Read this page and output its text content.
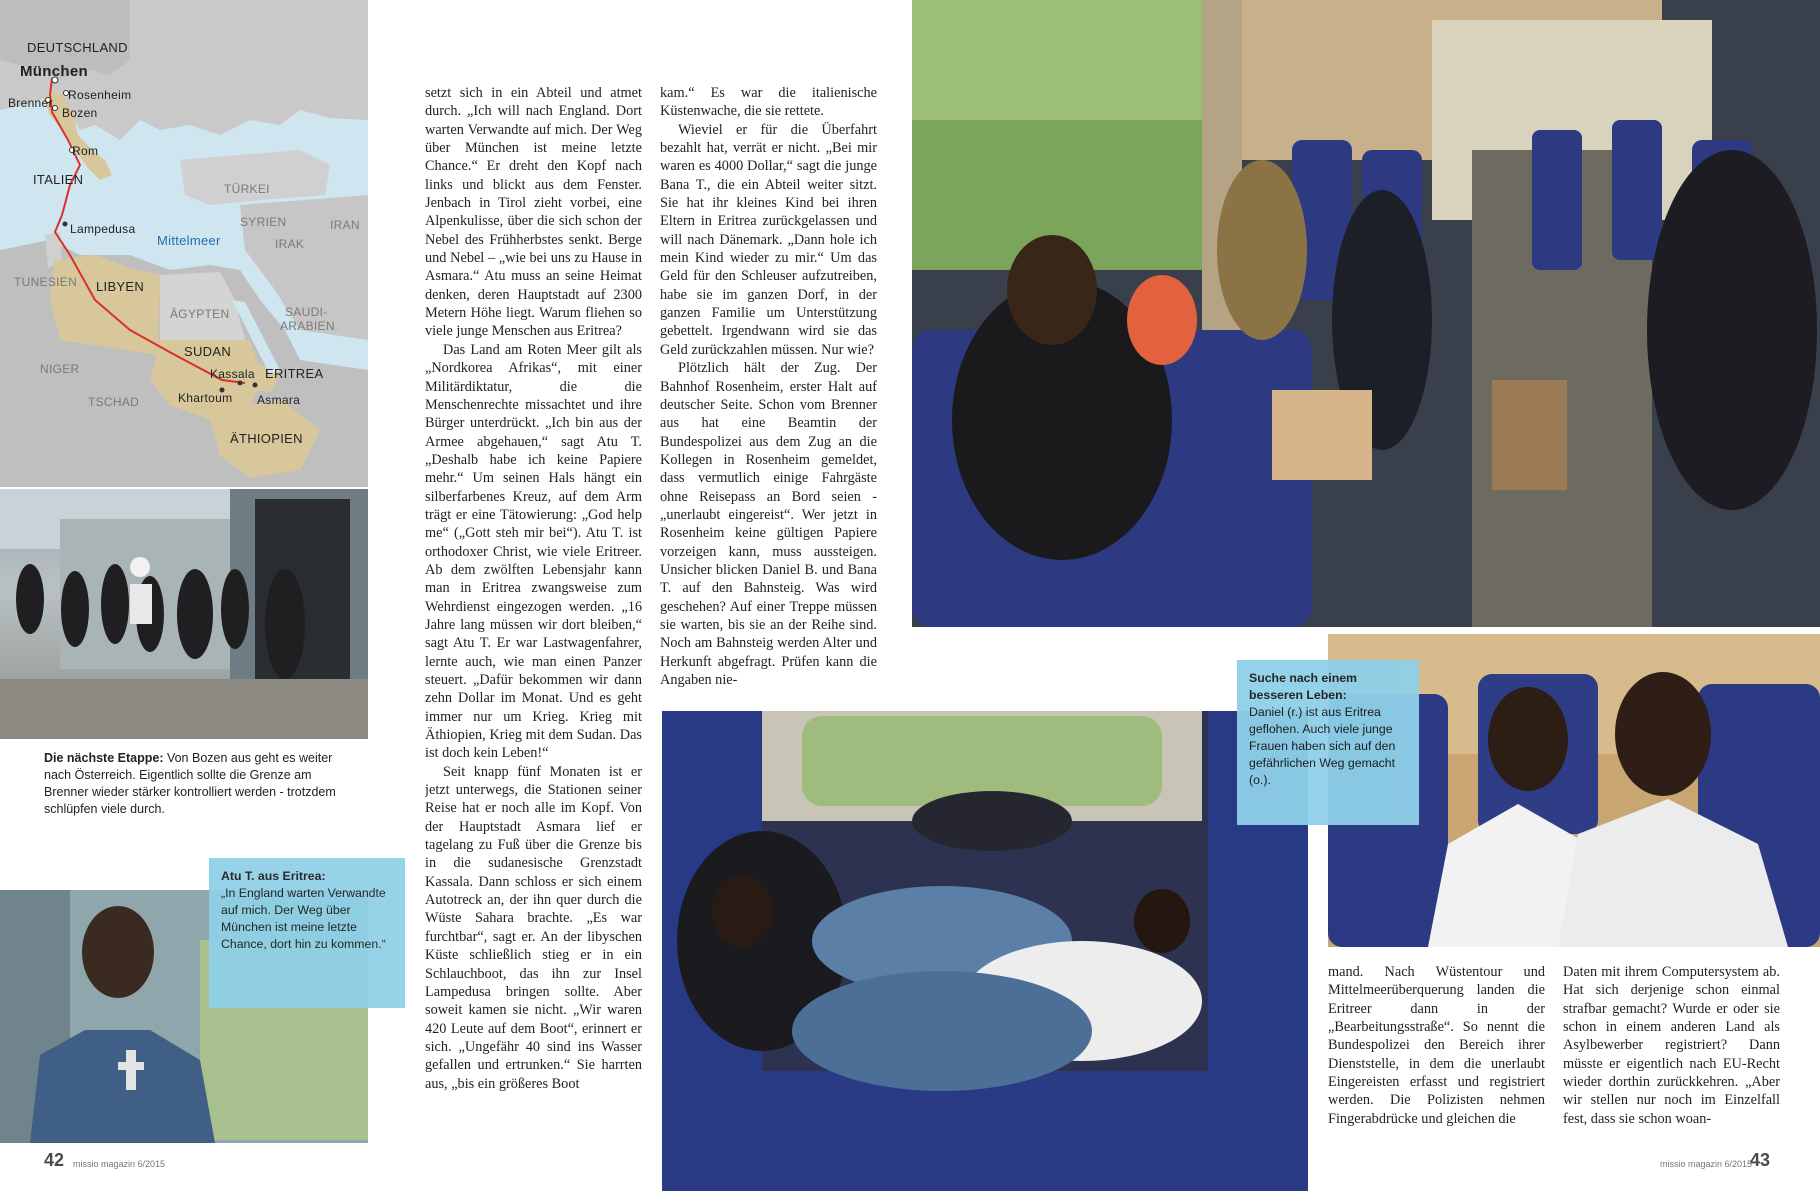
DEUTSCHLAND
München
Rosenheim
Brenner
Bozen
Rom
ITALIEN
TÜRKEI
Lampedusa	SYRIEN	IRAN
Mittelmeer	IRAK
TUNESIEN LIBYEN
ÄGYPTEN	SAUDI-
ARABIEN
SUDAN
NIGER	Kassala ERITREA
TSCHAD	Khartoum Asmara
ÄTHIOPIEN
Die nächste Etappe: Von Bozen aus geht es weiter nach Österreich. Eigentlich sollte die Grenze am Brenner wieder stärker kontrolliert werden - trotzdem schlüpfen viele durch.
Atu T. aus Eritrea:
„In England warten Verwandte auf mich. Der Weg über München ist meine letzte Chance, dort hin zu kommen.“

setzt sich in ein Abteil und atmet durch. „Ich will nach England. Dort warten Verwandte auf mich. Der Weg über München ist meine letzte Chance.“ Er dreht den Kopf nach links und blickt aus dem Fenster. Jenbach in Tirol zieht vorbei, eine Alpenkulisse, über die sich schon der Nebel des Frühherbstes senkt. Berge und Nebel – „wie bei uns zu Hause in Asmara.“ Atu muss an seine Heimat denken, deren Hauptstadt auf 2300 Metern Höhe liegt. Warum fliehen so viele junge Menschen aus Eritrea?

Das Land am Roten Meer gilt als „Nordkorea Afrikas“, mit einer Militärdiktatur, die die Menschenrechte missachtet und ihre Bürger unterdrückt. „Ich bin aus der Armee abgehauen,“ sagt Atu T. „Deshalb habe ich keine Papiere mehr.“ Um seinen Hals hängt ein silberfarbenes Kreuz, auf dem Arm trägt er eine Tätowierung: „God help me“ („Gott steh mir bei“). Atu T. ist orthodoxer Christ, wie viele Eritreer. Ab dem zwölften Lebensjahr kann man in Eritrea zwangsweise zum Wehrdienst eingezogen werden. „16 Jahre lang müssen wir dort bleiben,“ sagt Atu T. Er war Lastwagenfahrer, lernte auch, wie man einen Panzer steuert. „Dafür bekommen wir dann zehn Dollar im Monat. Und es geht immer nur um Krieg. Krieg mit Äthiopien, Krieg mit dem Sudan. Das ist doch kein Leben!“

Seit knapp fünf Monaten ist er jetzt unterwegs, die Stationen seiner Reise hat er noch alle im Kopf. Von der Hauptstadt Asmara lief er tagelang zu Fuß über die Grenze bis in die sudanesische Grenzstadt Kassala. Dann schloss er sich einem Autotreck an, der ihn quer durch die Wüste Sahara brachte. „Es war furchtbar“, sagt er. An der libyschen Küste schließlich stieg er in ein Schlauchboot, das ihn zur Insel Lampedusa bringen sollte. Aber soweit kamen sie nicht. „Wir waren 420 Leute auf dem Boot“, erinnert er sich. „Ungefähr 40 sind ins Wasser gefallen und ertrunken.“ Sie harrten aus, „bis ein größeres Boot

kam.“ Es war die italienische Küstenwache, die sie rettete.

Wieviel er für die Überfahrt bezahlt hat, verrät er nicht. „Bei mir waren es 4000 Dollar,“ sagt die junge Bana T., die ein Abteil weiter sitzt. Sie hat ihr kleines Kind bei ihren Eltern in Eritrea zurückgelassen und will nach Dänemark. „Dann hole ich mein Kind wieder zu mir.“ Um das Geld für den Schleuser aufzutreiben, habe sie im ganzen Dorf, in der ganzen Familie um Unterstützung gebettelt. Irgendwann wird sie das Geld zurückzahlen müssen. Nur wie?

Plötzlich hält der Zug. Der Bahnhof Rosenheim, erster Halt auf deutscher Seite. Schon vom Brenner aus hat eine Beamtin der Bundespolizei aus dem Zug an die Kollegen in Rosenheim gemeldet, dass vermutlich einige Fahrgäste ohne Reisepass an Bord seien - „unerlaubt eingereist“. Wer jetzt in Rosenheim keine gültigen Papiere vorzeigen kann, muss aussteigen. Unsicher blicken Daniel B. und Bana T. auf den Bahnsteig. Was wird geschehen? Auf einer Treppe müssen sie warten, bis sie an der Reihe sind. Noch am Bahnsteig werden Alter und Herkunft abgefragt. Prüfen kann die Angaben nie-	Suche nach einem besseren Leben:
Daniel (r.) ist aus Eritrea geflohen. Auch viele junge Frauen haben sich auf den gefährlichen Weg gemacht (o.).

mand. Nach Wüstentour und Mittelmeerüberquerung landen die Eritreer dann in der „Bearbeitungsstraße“. So nennt die Bundespolizei den Bereich ihrer Dienststelle, in dem die unerlaubt Eingereisten erfasst und registriert werden. Die Polizisten nehmen Fingerabdrücke und gleichen die

Daten mit ihrem Computersystem ab. Hat sich derjenige schon einmal strafbar gemacht? Wurde er oder sie schon in einem anderen Land als Asylbewerber registriert? Dann müsste er eigentlich nach EU-Recht wieder dorthin zurückkehren. „Aber wir stellen nur noch im Einzelfall fest, dass sie schon woan-

42 missio magazin 6/2015	missio magazin 6/2015
43
